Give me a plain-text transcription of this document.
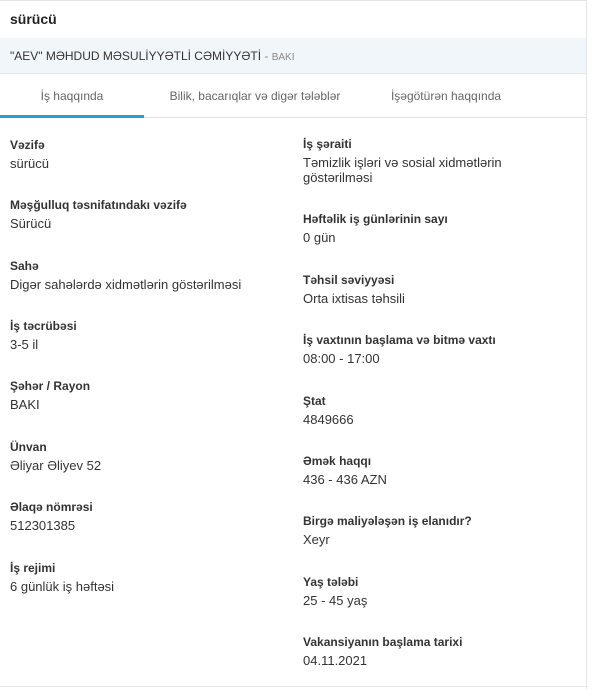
sürücü
"AEV" MƏHDUD MƏSULİYYƏTLİ CƏMİYYƏTİ - BAKI
İş haqqında	Bilik, bacarıqlar və digər tələblər	İşəgötürən haqqında
Vəzifə
sürücü
Məşğulluq təsnifatındakı vəzifə
Sürücü
Sahə
Digər sahələrdə xidmətlərin göstərilməsi
İş təcrübəsi
3-5 il
Şəhər / Rayon
BAKI
Ünvan
Əliyar Əliyev 52
Əlaqə nömrəsi
512301385
İş rejimi
6 günlük iş həftəsi
İş şəraiti
Təmizlik işləri və sosial xidmətlərin göstərilməsi
Həftəlik iş günlərinin sayı
0 gün
Təhsil səviyyəsi
Orta ixtisas təhsili
İş vaxtının başlama və bitmə vaxtı
08:00 - 17:00
Ştat
4849666
Əmək haqqı
436 - 436 AZN
Birgə maliyələşən iş elanıdır?
Xeyr
Yaş tələbi
25 - 45 yaş
Vakansiyanın başlama tarixi
04.11.2021
